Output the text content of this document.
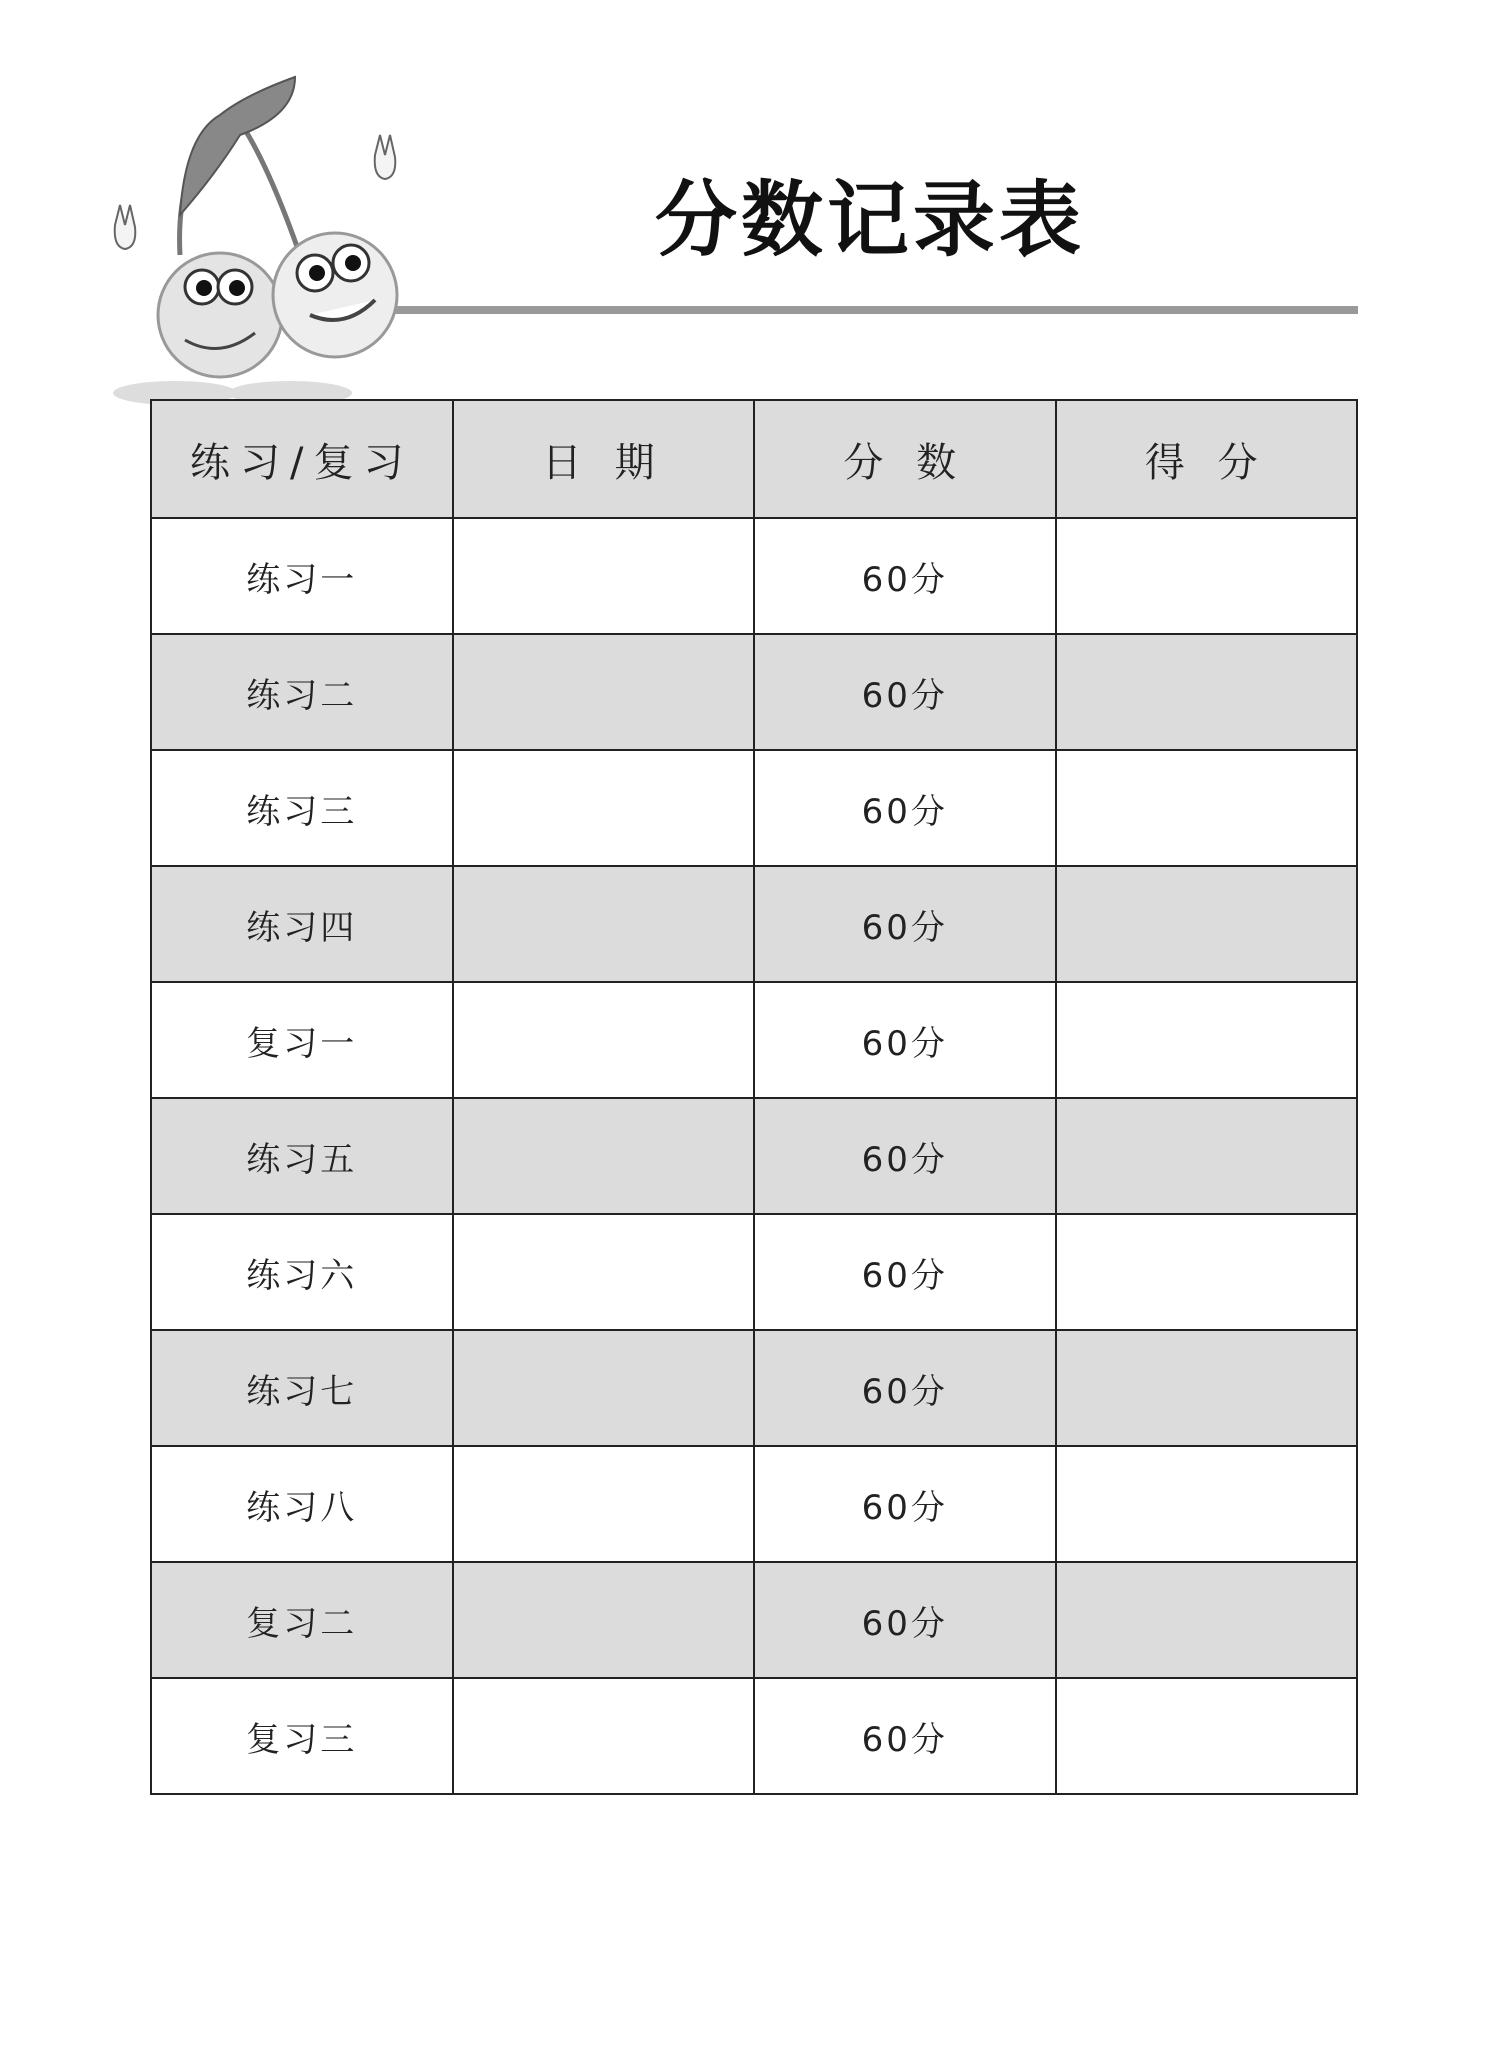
分数记录表
练习/复习	日 期	分 数	得 分
练习一		60分	
练习二		60分	
练习三		60分	
练习四		60分	
复习一		60分	
练习五		60分	
练习六		60分	
练习七		60分	
练习八		60分	
复习二		60分	
复习三		60分	
